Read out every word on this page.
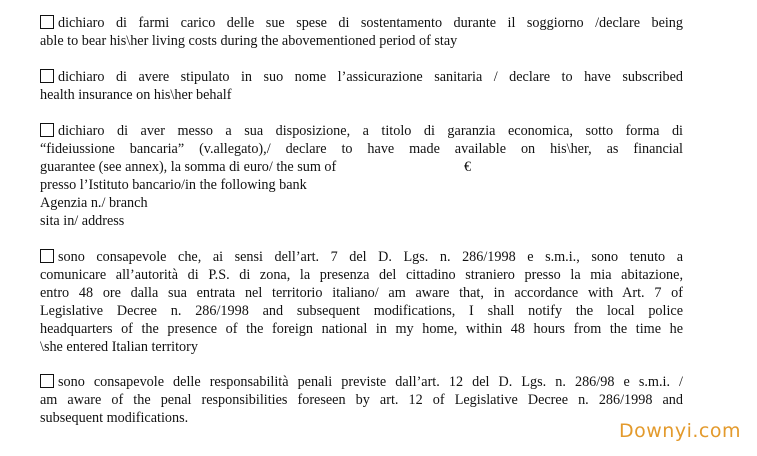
dichiaro di farmi carico delle sue spese di sostentamento durante il soggiorno /declare being
able to bear his\her living costs during the abovementioned period of stay
dichiaro di avere stipulato in suo nome l’assicurazione sanitaria / declare to have subscribed
health insurance on his\her behalf
dichiaro di aver messo a sua disposizione, a titolo di garanzia economica, sotto forma di
“fideiussione bancaria” (v.allegato),/ declare to have made available on his\her, as financial
guarantee (see annex), la somma di euro/ the sum of	€
presso l’Istituto bancario/in the following bank
Agenzia n./ branch
sita in/ address
sono consapevole che, ai sensi dell’art. 7 del D. Lgs. n. 286/1998 e s.m.i., sono tenuto a
comunicare all’autorità di P.S. di zona, la presenza del cittadino straniero presso la mia abitazione,
entro 48 ore dalla sua entrata nel territorio italiano/ am aware that, in accordance with Art. 7 of
Legislative Decree n. 286/1998 and subsequent modifications, I shall notify the local police
headquarters of the presence of the foreign national in my home, within 48 hours from the time he
\she entered Italian territory
sono consapevole delle responsabilità penali previste dall’art. 12 del D. Lgs. n. 286/98 e s.m.i. /
am aware of the penal responsibilities foreseen by art. 12 of Legislative Decree n. 286/1998 and
subsequent modifications.
Downyi.com
